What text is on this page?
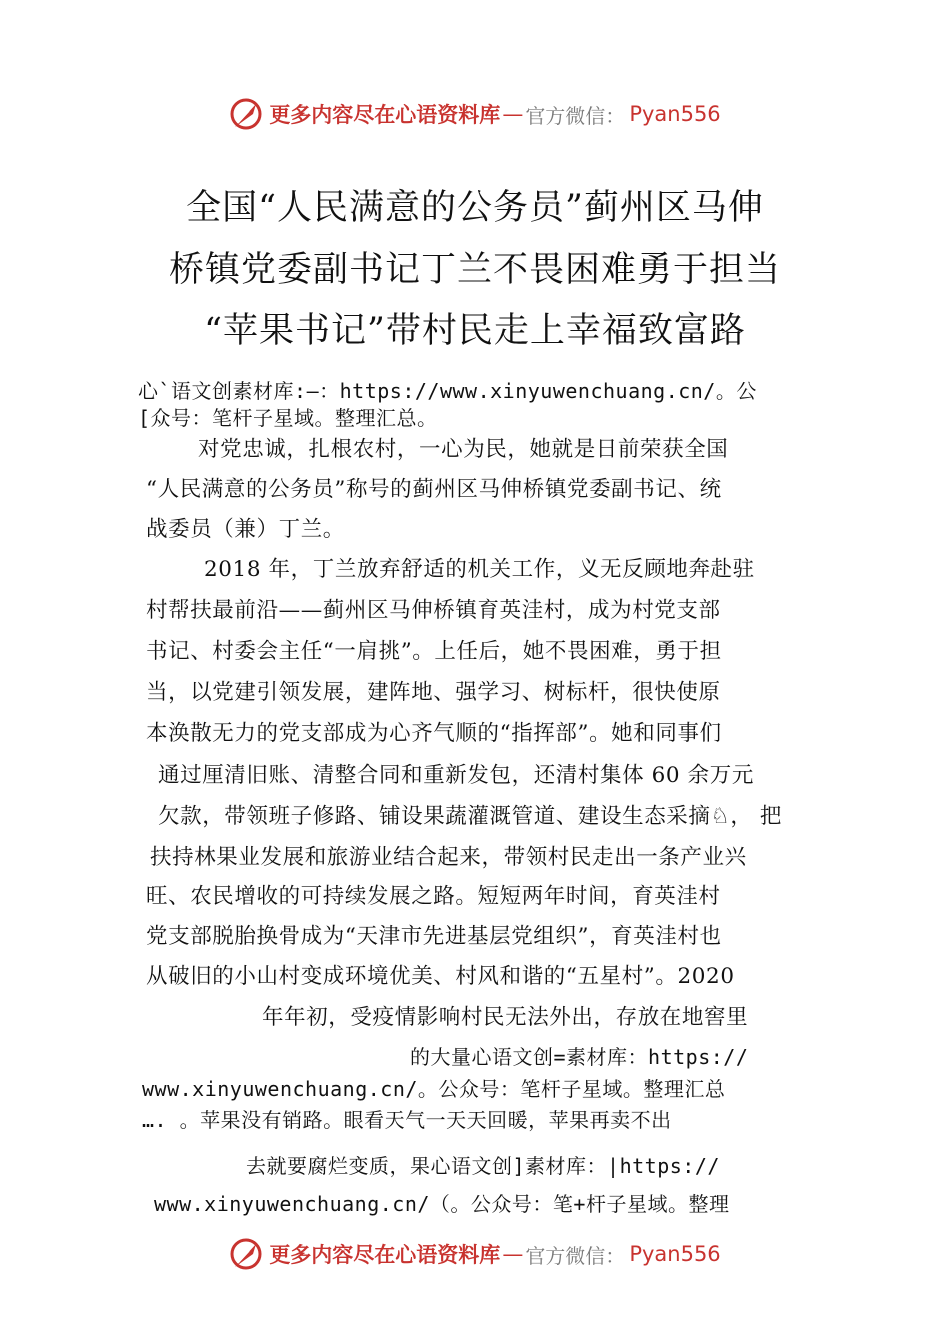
更多内容尽在心语资料库 — 官方微信： Pyan556
全国“人民满意的公务员”蓟州区马伸
桥镇党委副书记丁兰不畏困难勇于担当
“苹果书记”带村民走上幸福致富路
心`语文创素材库:—：https://www.xinyuwenchuang.cn/。公
[众号：笔杆子星域。整理汇总。
对党忠诚，扎根农村，一心为民，她就是日前荣获全国
“人民满意的公务员”称号的蓟州区马伸桥镇党委副书记、统
战委员（兼）丁兰。
2018 年，丁兰放弃舒适的机关工作，义无反顾地奔赴驻
村帮扶最前沿——蓟州区马伸桥镇育英洼村，成为村党支部
书记、村委会主任“一肩挑”。上任后，她不畏困难，勇于担
当，以党建引领发展，建阵地、强学习、树标杆，很快使原
本涣散无力的党支部成为心齐气顺的“指挥部”。她和同事们
通过厘清旧账、清整合同和重新发包，还清村集体 60 余万元
欠款，带领班子修路、铺设果蔬灌溉管道、建设生态采摘♘， 把
扶持林果业发展和旅游业结合起来，带领村民走出一条产业兴
旺、农民增收的可持续发展之路。短短两年时间，育英洼村
党支部脱胎换骨成为“天津市先进基层党组织”，育英洼村也
从破旧的小山村变成环境优美、村风和谐的“五星村”。2020
年年初，受疫情影响村民无法外出，存放在地窖里
的大量心语文创=素材库：https://
www.xinyuwenchuang.cn/。公众号：笔杆子星域。整理汇总
…. 。苹果没有销路。眼看天气一天天回暖，苹果再卖不出
去就要腐烂变质，果心语文创]素材库：|https://
www.xinyuwenchuang.cn/（。公众号：笔+杆子星域。整理
更多内容尽在心语资料库 — 官方微信： Pyan556
